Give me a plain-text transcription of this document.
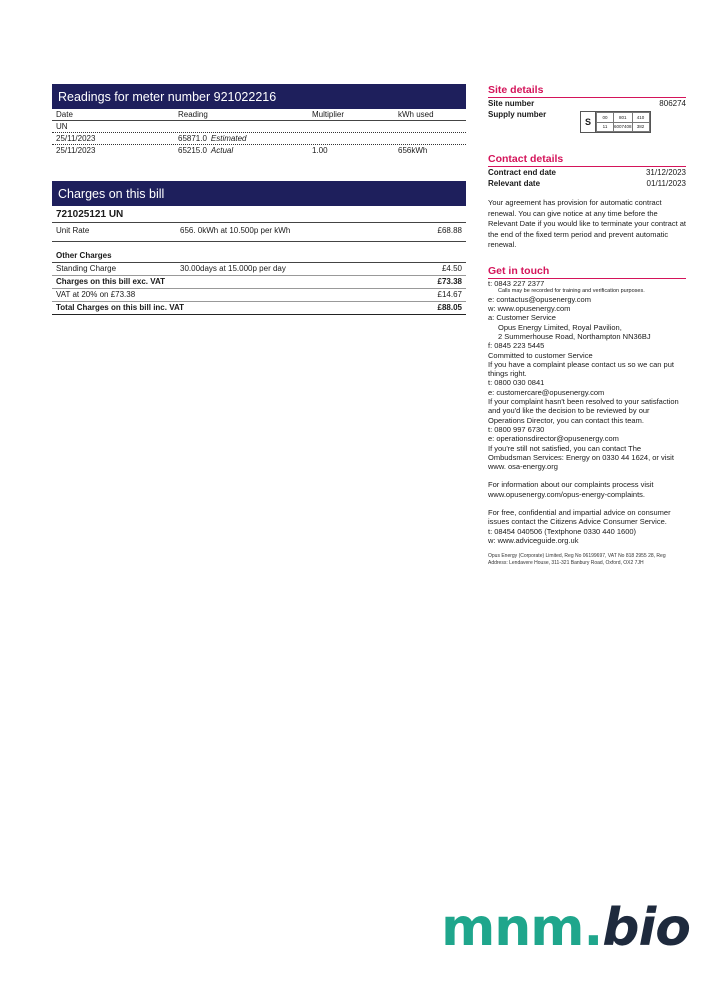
Readings for meter number 921022216
Date	Reading	Multiplier	kWh used
UN
25/11/2023	65871.0 Estimated
25/11/2023	65215.0 Actual	1.00	656kWh
Charges on this bill
721025121 UN
Unit Rate	656. 0kWh at 10.500p per kWh	£68.88
Other Charges
Standing Charge	30.00days at 15.000p per day	£4.50
Charges on this bill exc. VAT	£73.38
VAT at 20% on £73.38	£14.67
Total Charges on this bill inc. VAT	£88.05
Site details
Site number	806274
Supply number
S	00	801	410
11	6007408	382
Contact details
Contract end date	31/12/2023
Relevant date	01/11/2023
Your agreement has provision for automatic contract renewal. You can give notice at any time before the Relevant Date if you would like to terminate your contract at the end of the fixed term period and prevent automatic renewal.
Get in touch
t: 0843 227 2377
Calls may be recorded for training and verification purposes.
e: contactus@opusenergy.com
w: www.opusenergy.com
a: Customer Service
Opus Energy Limited, Royal Pavilion,
2 Summerhouse Road, Northampton NN36BJ
f: 0845 223 5445
Committed to customer Service
If you have a complaint please contact us so we can put things right.
t: 0800 030 0841
e: customercare@opusenergy.com
If your complaint hasn't been resolved to your satisfaction and you'd like the decision to be reviewed by our Operations Director, you can contact this team.
t: 0800 997 6730
e: operationsdirector@opusenergy.com
If you're still not satisfied, you can contact The Ombudsman Services: Energy on 0330 44 1624, or visit www. osa-energy.org
For information about our complaints process visit www.opusenergy.com/opus-energy-complaints.
For free, confidential and impartial advice on consumer issues contact the Citizens Advice Consumer Service.
t: 08454 040506 (Textphone 0330 440 1600)
w: www.adviceguide.org.uk
Opus Energy (Corporate) Limited, Reg No 06199697, VAT No 818 2955 28, Reg Address: Lendavere House, 311-321 Banbury Road, Oxford, OX2 7JH
mnm.bio
